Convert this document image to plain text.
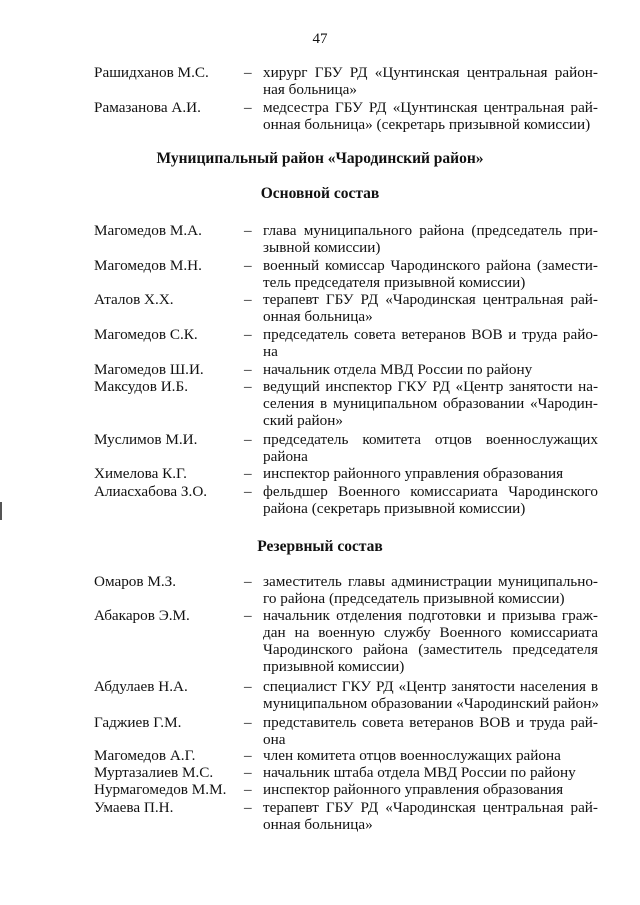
47
Рашидханов М.С. – хирург ГБУ РД «Цунтинская центральная район-
ная больница»
Рамазанова А.И.	– медсестра ГБУ РД «Цунтинская центральная рай-
онная больница» (секретарь призывной комиссии)
Муниципальный район «Чародинский район»
Основной состав
Магомедов М.А.	– глава муниципального района (председатель при-
зывной комиссии)
Магомедов М.Н.	– военный комиссар Чародинского района (замести-
тель председателя призывной комиссии)
Аталов Х.Х.	– терапевт ГБУ РД «Чародинская центральная рай-
онная больница»
Магомедов С.К.	– председатель совета ветеранов ВОВ и труда райо-
на
Магомедов Ш.И.	– начальник отдела МВД России по району
Максудов И.Б.	– ведущий инспектор ГКУ РД «Центр занятости на-
селения в муниципальном образовании «Чародин-
ский район»
Муслимов М.И.	– председатель комитета отцов военнослужащих
района
Химелова К.Г.	– инспектор районного управления образования
Алиасхабова З.О. – фельдшер Военного комиссариата Чародинского
района (секретарь призывной комиссии)
Резервный состав
Омаров М.З.	– заместитель главы администрации муниципально-
го района (председатель призывной комиссии)
Абакаров Э.М.	– начальник отделения подготовки и призыва граж-
дан на военную службу Военного комиссариата
Чародинского района (заместитель председателя
призывной комиссии)
Абдулаев Н.А.	– специалист ГКУ РД «Центр занятости населения в
муниципальном образовании «Чародинский район»
Гаджиев Г.М.	– представитель совета ветеранов ВОВ и труда рай-
она
Магомедов А.Г.	– член комитета отцов военнослужащих района
Муртазалиев М.С. – начальник штаба отдела МВД России по району
Нурмагомедов М.М. – инспектор районного управления образования
Умаева П.Н.	– терапевт ГБУ РД «Чародинская центральная рай-
онная больница»
